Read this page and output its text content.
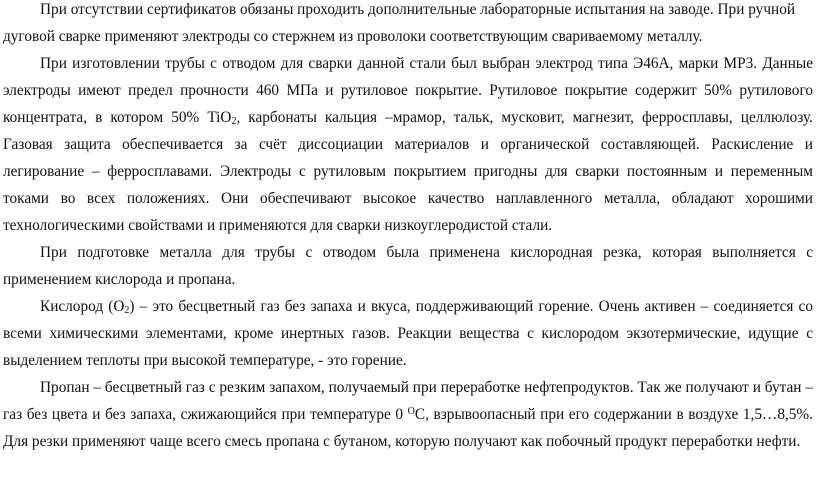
При отсутствии сертификатов обязаны проходить дополнительные лабораторные испытания на заводе. При ручной дуговой сварке применяют электроды со стержнем из проволоки соответствующим свариваемому металлу.

При изготовлении трубы с отводом для сварки данной стали был выбран электрод типа Э46А, марки МР3. Данные электроды имеют предел прочности 460 МПа и рутиловое покрытие. Рутиловое покрытие содержит 50% рутилового концентрата, в котором 50% TiO$_2$, карбонаты кальция –мрамор, тальк, мусковит, магнезит, ферросплавы, целлюлозу. Газовая защита обеспечивается за счёт диссоциации материалов и органической составляющей. Раскисление и легирование – ферросплавами. Электроды с рутиловым покрытием пригодны для сварки постоянным и переменным токами во всех положениях. Они обеспечивают высокое качество наплавленного металла, обладают хорошими технологическими свойствами и применяются для сварки низкоуглеродистой стали.

При подготовке металла для трубы с отводом была применена кислородная резка, которая выполняется с применением кислорода и пропана.

Кислород $(O_2)$ – это бесцветный газ без запаха и вкуса, поддерживающий горение. Очень активен – соединяется со всеми химическими элементами, кроме инертных газов. Реакции вещества с кислородом экзотермические, идущие с выделением теплоты при высокой температуре, - это горение.

Пропан – бесцветный газ с резким запахом, получаемый при переработке нефтепродуктов. Так же получают и бутан – газ без цвета и без запаха, сжижающийся при температуре 0 $^O$C, взрывоопасный при его содержании в воздухе 1,5…8,5%. Для резки применяют чаще всего смесь пропана с бутаном, которую получают как побочный продукт переработки нефти.
